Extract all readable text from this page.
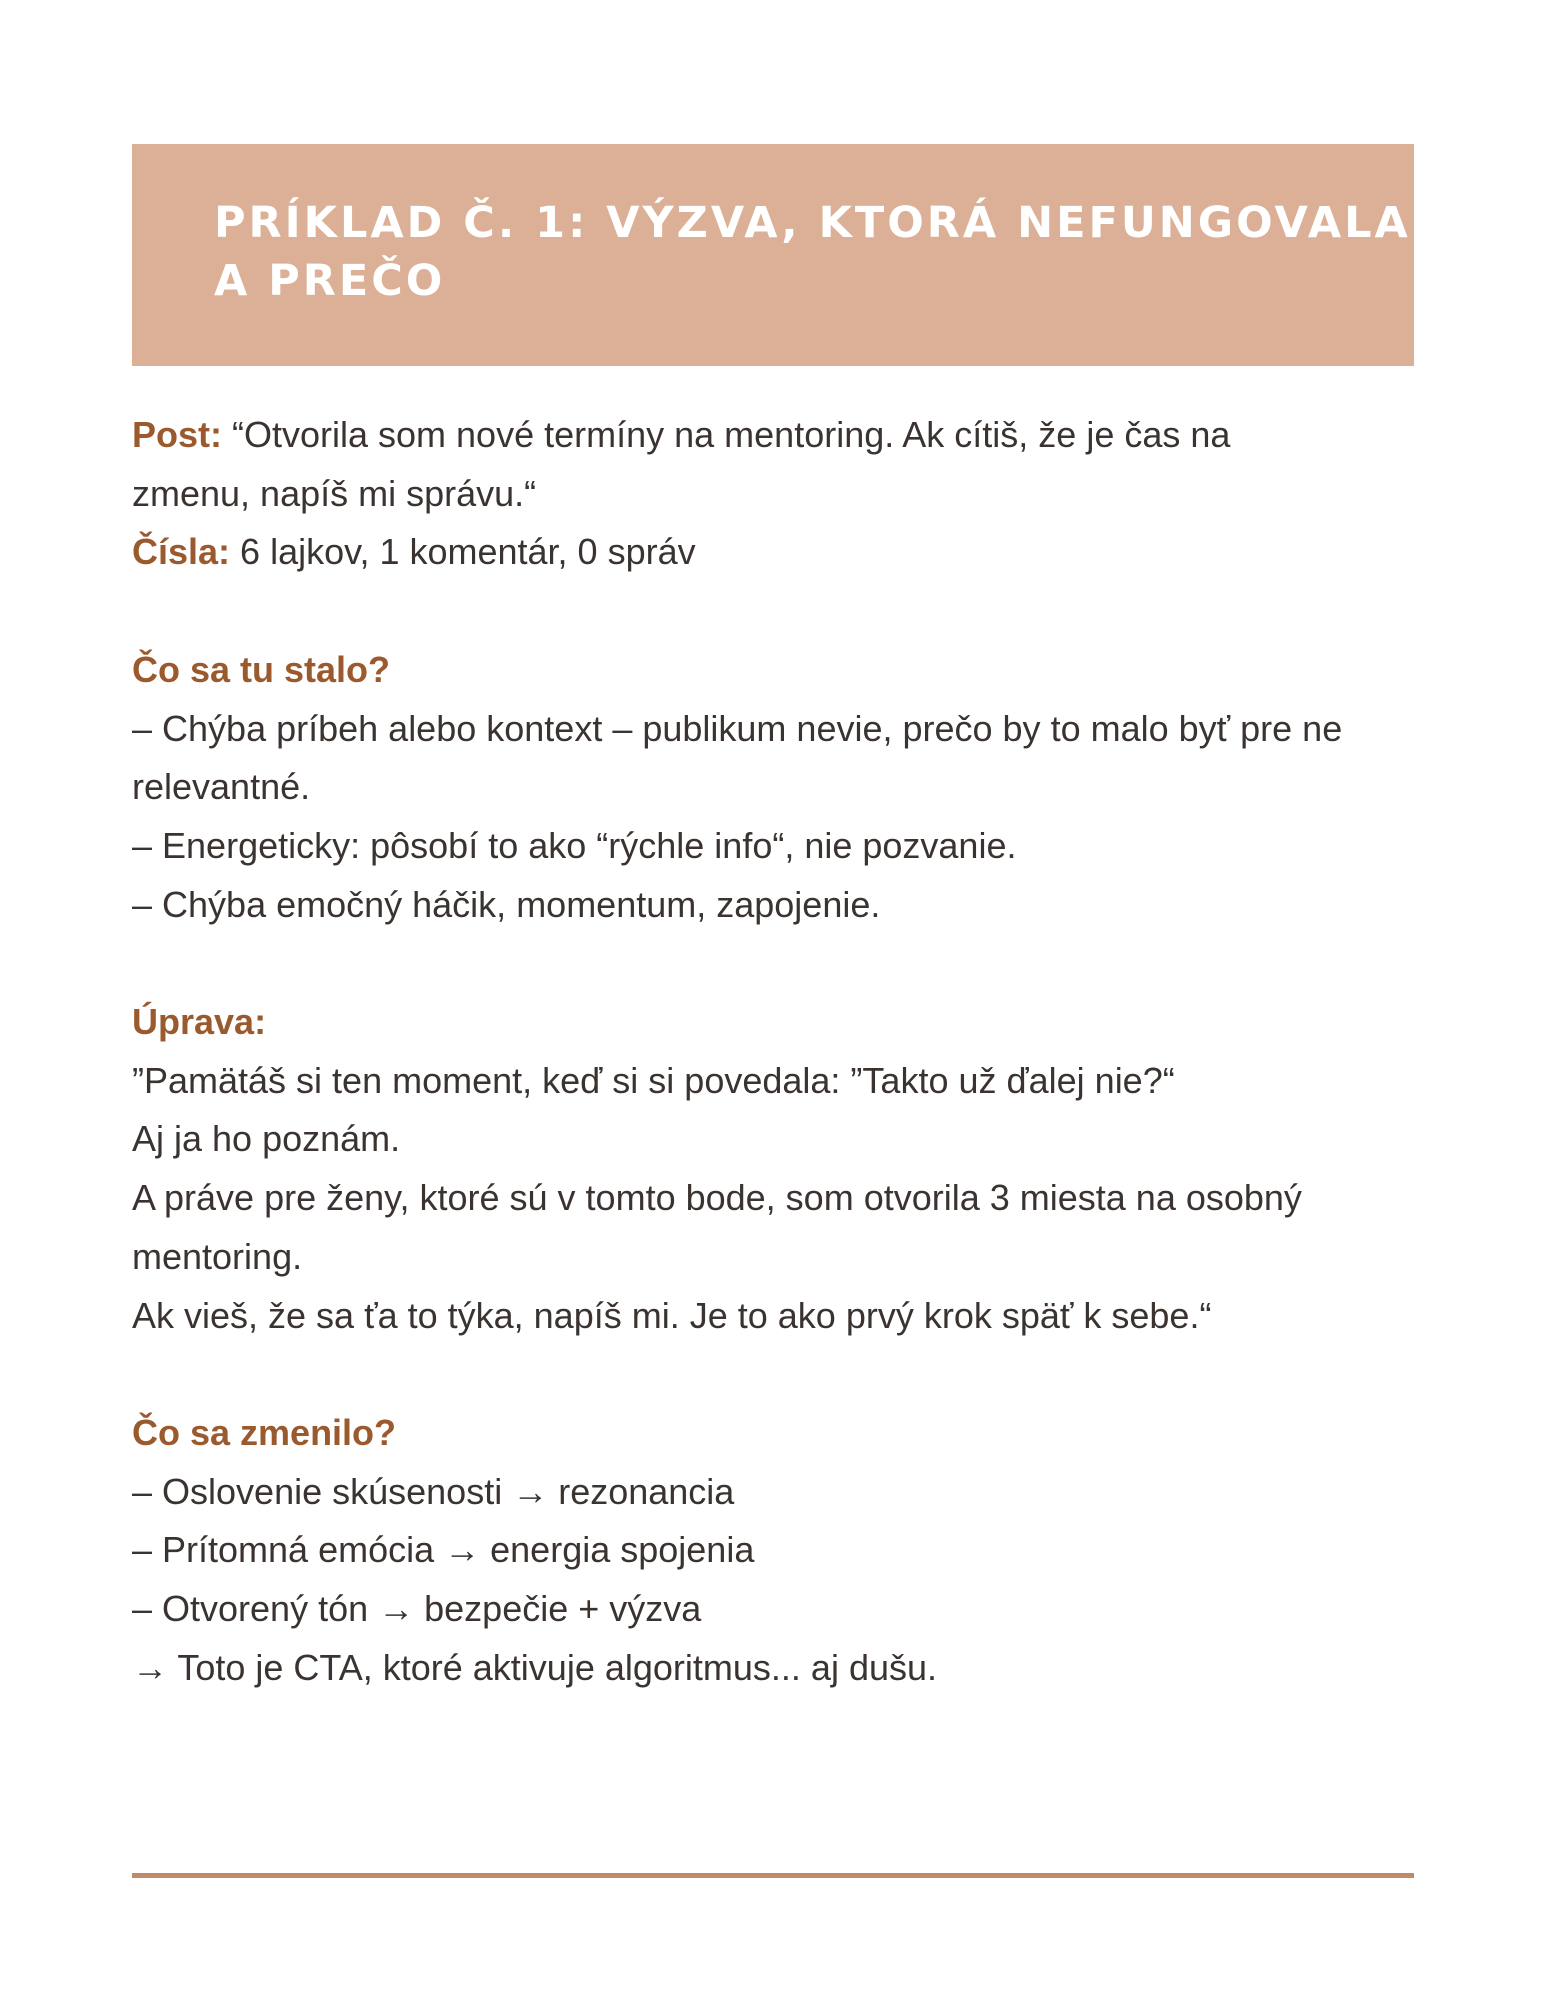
PRÍKLAD Č. 1: VÝZVA, KTORÁ NEFUNGOVALA
A PREČO
Post: “Otvorila som nové termíny na mentoring. Ak cítiš, že je čas na
zmenu, napíš mi správu.“
Čísla: 6 lajkov, 1 komentár, 0 správ
Čo sa tu stalo?
– Chýba príbeh alebo kontext – publikum nevie, prečo by to malo byť pre ne
relevantné.
– Energeticky: pôsobí to ako “rýchle info“, nie pozvanie.
– Chýba emočný háčik, momentum, zapojenie.
Úprava:
”Pamätáš si ten moment, keď si si povedala: ”Takto už ďalej nie?“
Aj ja ho poznám.
A práve pre ženy, ktoré sú v tomto bode, som otvorila 3 miesta na osobný
mentoring.
Ak vieš, že sa ťa to týka, napíš mi. Je to ako prvý krok späť k sebe.“
Čo sa zmenilo?
– Oslovenie skúsenosti → rezonancia
– Prítomná emócia → energia spojenia
– Otvorený tón → bezpečie + výzva
→ Toto je CTA, ktoré aktivuje algoritmus... aj dušu.
